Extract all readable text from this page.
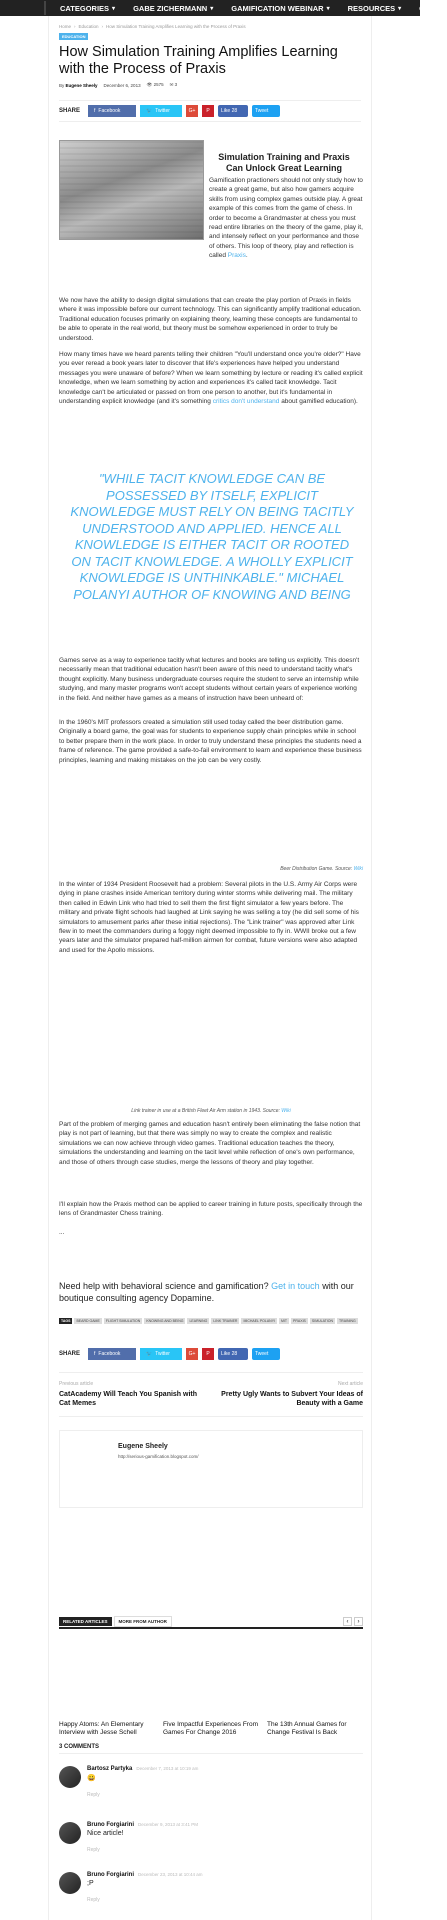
CATEGORIES ▾ GABE ZICHERMANN ▾ GAMIFICATION WEBINAR ▾ RESOURCES ▾ CORPO
Home › Education › How Simulation Training Amplifies Learning with the Process of Praxis
EDUCATION
How Simulation Training Amplifies Learning with the Process of Praxis
By Eugene Sheely December 6, 2013 👁 2575 ✉ 3
SHARE	f Facebook	🐦 Twitter	G+ P Like 28	Tweet
Simulation Training and Praxis Can Unlock Great Learning
Gamification practioners should not only study how to create a great game, but also how gamers acquire skills from using complex games outside play. A great example of this comes from the game of chess. In order to become a Grandmaster at chess you must read entire libraries on the theory of the game, play it, and intensely reflect on your performance and those of others. This loop of theory, play and reflection is called Praxis.
We now have the ability to design digital simulations that can create the play portion of Praxis in fields where it was impossible before our current technology. This can significantly amplify traditional education. Traditional education focuses primarily on explaining theory, learning these concepts are fundamental to be able to operate in the real world, but theory must be somehow experienced in order to truly be understood.
How many times have we heard parents telling their children "You'll understand once you're older?" Have you ever reread a book years later to discover that life's experiences have helped you understand messages you were unaware of before? When we learn something by lecture or reading it's called explicit knowledge, when we learn something by action and experiences it's called tacit knowledge. Tacit knowledge can't be articulated or passed on from one person to another, but it's fundamental in understanding explicit knowledge (and it's something critics don't understand about gamified education).
"WHILE TACIT KNOWLEDGE CAN BE POSSESSED BY ITSELF, EXPLICIT KNOWLEDGE MUST RELY ON BEING TACITLY UNDERSTOOD AND APPLIED. HENCE ALL KNOWLEDGE IS EITHER TACIT OR ROOTED ON TACIT KNOWLEDGE. A WHOLLY EXPLICIT KNOWLEDGE IS UNTHINKABLE." MICHAEL POLANYI AUTHOR OF KNOWING AND BEING
Games serve as a way to experience tacitly what lectures and books are telling us explicitly. This doesn't necessarily mean that traditional education hasn't been aware of this need to understand tacitly what's thought explicitly. Many business undergraduate courses require the student to serve an internship while studying, and many master programs won't accept students without certain years of experience working in the field. And neither have games as a means of instruction have been unheard of:
In the 1960's MIT professors created a simulation still used today called the beer distribution game. Originally a board game, the goal was for students to experience supply chain principles while in school to better prepare them in the work place. In order to truly understand these principles the students need a frame of reference. The game provided a safe-to-fail environment to learn and experience these business principles, learning and making mistakes on the job can be very costly.
Beer Distribution Game. Source: Wiki
In the winter of 1934 President Roosevelt had a problem: Several pilots in the U.S. Army Air Corps were dying in plane crashes inside American territory during winter storms while delivering mail. The military then called in Edwin Link who had tried to sell them the first flight simulator a few years before. The military and private flight schools had laughed at Link saying he was selling a toy (he did sell some of his simulators to amusement parks after these initial rejections). The "Link trainer" was approved after Link flew in to meet the commanders during a foggy night deemed impossible to fly in. WWII broke out a few years later and the simulator prepared half-million airmen for combat, future versions were also adapted and used for the Apollo missions.
Link trainer in use at a British Fleet Air Arm station in 1943. Source: Wiki
Part of the problem of merging games and education hasn't entirely been eliminating the false notion that play is not part of learning, but that there was simply no way to create the complex and realistic simulations we can now achieve through video games. Traditional education teaches the theory, simulations the understanding and learning on the tacit level while reflection of one's own performance, and those of others through case studies, merge the lessons of theory and play together.
I'll explain how the Praxis method can be applied to career training in future posts, specifically through the lens of Grandmaster Chess training.
...
Need help with behavioral science and gamification? Get in touch with our boutique consulting agency Dopamine.
TAGS	BEARD GAME	FLIGHT SIMULATION	KNOWING AND BEING	LEARNING	LINK TRAINER	MICHAEL POLANYI	MIT	PRAXIS	SIMULATION	TRAINING
SHARE	f Facebook	🐦 Twitter	G+ P Like 28	Tweet
Previous article
CatAcademy Will Teach You Spanish with Cat Memes
Next article
Pretty Ugly Wants to Subvert Your Ideas of Beauty with a Game
Eugene Sheely
http://serious-gamification.blogspot.com/
RELATED ARTICLES	MORE FROM AUTHOR	‹	›
Happy Atoms: An Elementary Interview with Jesse Schell
Five Impactful Experiences From Games For Change 2016
The 13th Annual Games for Change Festival Is Back
3 COMMENTS
Bartosz Partyka December 7, 2013 at 10:19 am
😀
Reply
Bruno Forgiarini December 9, 2013 at 3:41 PM
Nice article!
Reply
Bruno Forgiarini December 23, 2013 at 10:44 am
;P
Reply
